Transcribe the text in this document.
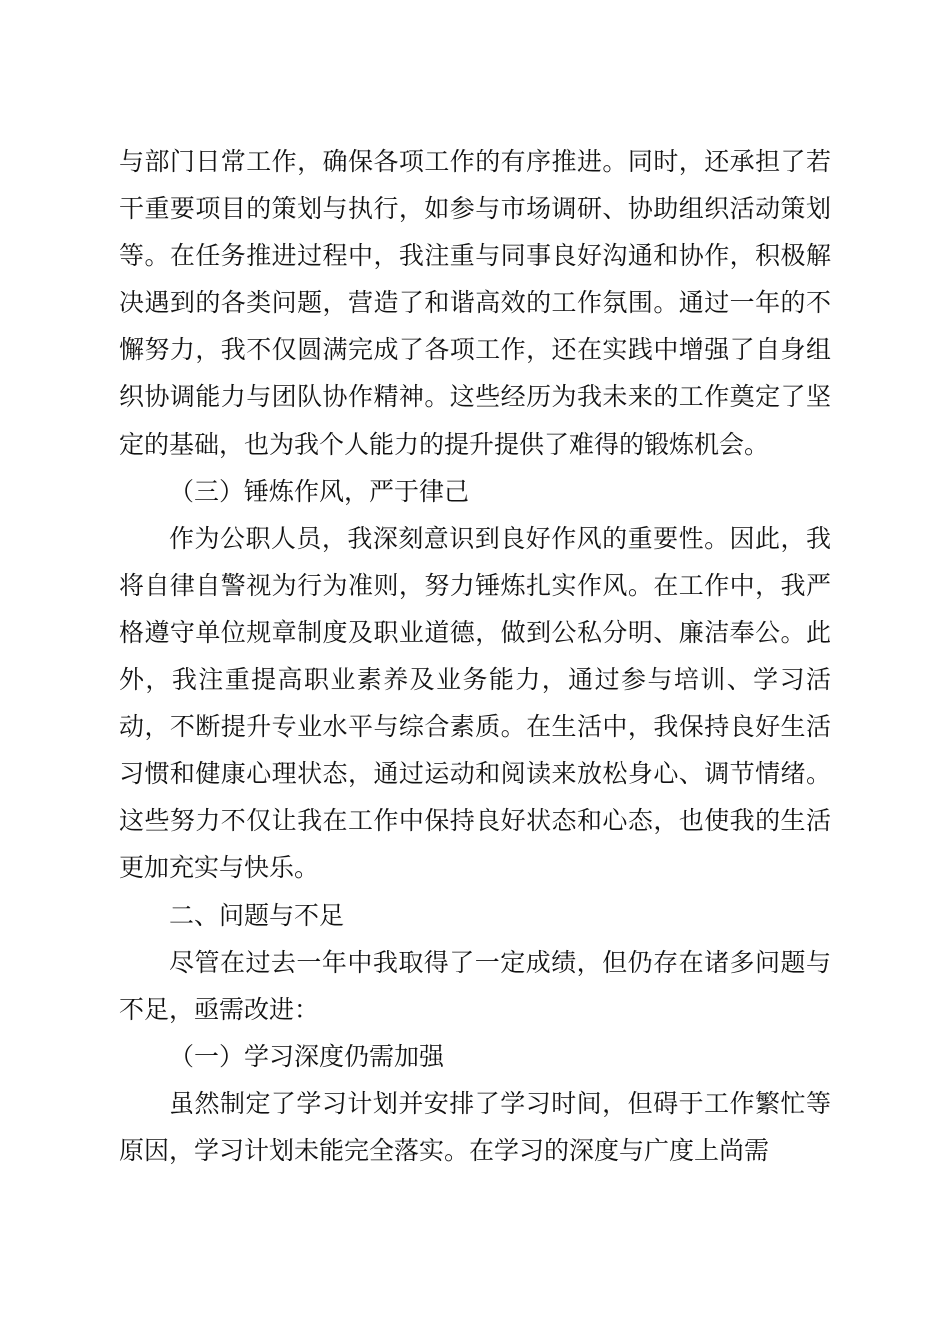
与部门日常工作，确保各项工作的有序推进。同时，还承担了若干重要项目的策划与执行，如参与市场调研、协助组织活动策划等。在任务推进过程中，我注重与同事良好沟通和协作，积极解决遇到的各类问题，营造了和谐高效的工作氛围。通过一年的不懈努力，我不仅圆满完成了各项工作，还在实践中增强了自身组织协调能力与团队协作精神。这些经历为我未来的工作奠定了坚定的基础，也为我个人能力的提升提供了难得的锻炼机会。

（三）锤炼作风，严于律己

作为公职人员，我深刻意识到良好作风的重要性。因此，我将自律自警视为行为准则，努力锤炼扎实作风。在工作中，我严格遵守单位规章制度及职业道德，做到公私分明、廉洁奉公。此外，我注重提高职业素养及业务能力，通过参与培训、学习活动，不断提升专业水平与综合素质。在生活中，我保持良好生活习惯和健康心理状态，通过运动和阅读来放松身心、调节情绪。这些努力不仅让我在工作中保持良好状态和心态，也使我的生活更加充实与快乐。

二、问题与不足

尽管在过去一年中我取得了一定成绩，但仍存在诸多问题与不足，亟需改进：

（一）学习深度仍需加强

虽然制定了学习计划并安排了学习时间，但碍于工作繁忙等原因，学习计划未能完全落实。在学习的深度与广度上尚需
